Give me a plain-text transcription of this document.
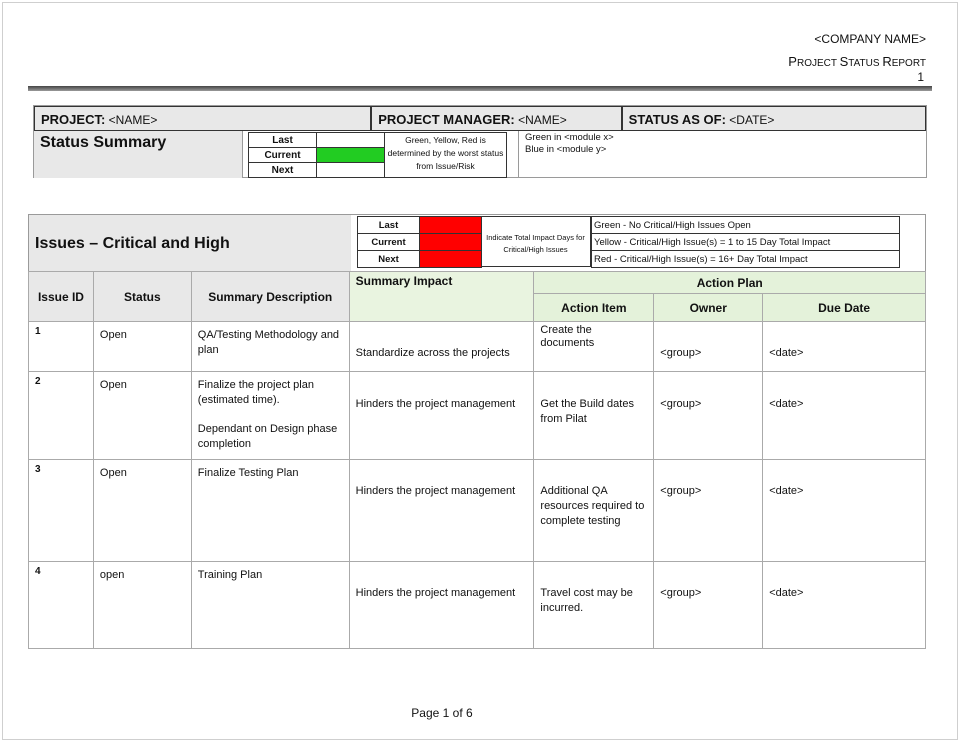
<COMPANY NAME>
PROJECT STATUS REPORT
1
PROJECT: <NAME>	PROJECT MANAGER: <NAME>	STATUS AS OF: <DATE>
Status Summary	Last	
Current	
Next	
Green, Yellow, Red is determined by the worst status from Issue/Risk
Green in <module x>
Blue in <module y>
Issues – Critical and High
Last	
Current	
Next	
Indicate Total Impact Days for Critical/High Issues
Green - No Critical/High Issues Open
Yellow - Critical/High Issue(s) = 1 to 15 Day Total Impact
Red - Critical/High Issue(s) = 16+ Day Total Impact
Issue ID	Status	Summary Description	Summary Impact	Action Plan		
				Action Item	Owner	Due Date
1	Open	QA/Testing Methodology and plan	Standardize across the projects	Create the documents	<group>	<date>
2	Open	Finalize the project plan (estimated time).
Dependant on Design phase completion	Hinders the project management	Get the Build dates from Pilat	<group>	<date>
3	Open	Finalize Testing Plan	Hinders the project management	Additional QA resources required to complete testing	<group>	<date>
4	open	Training Plan	Hinders the project management	Travel cost may be incurred.	<group>	<date>
Page 1 of 6
